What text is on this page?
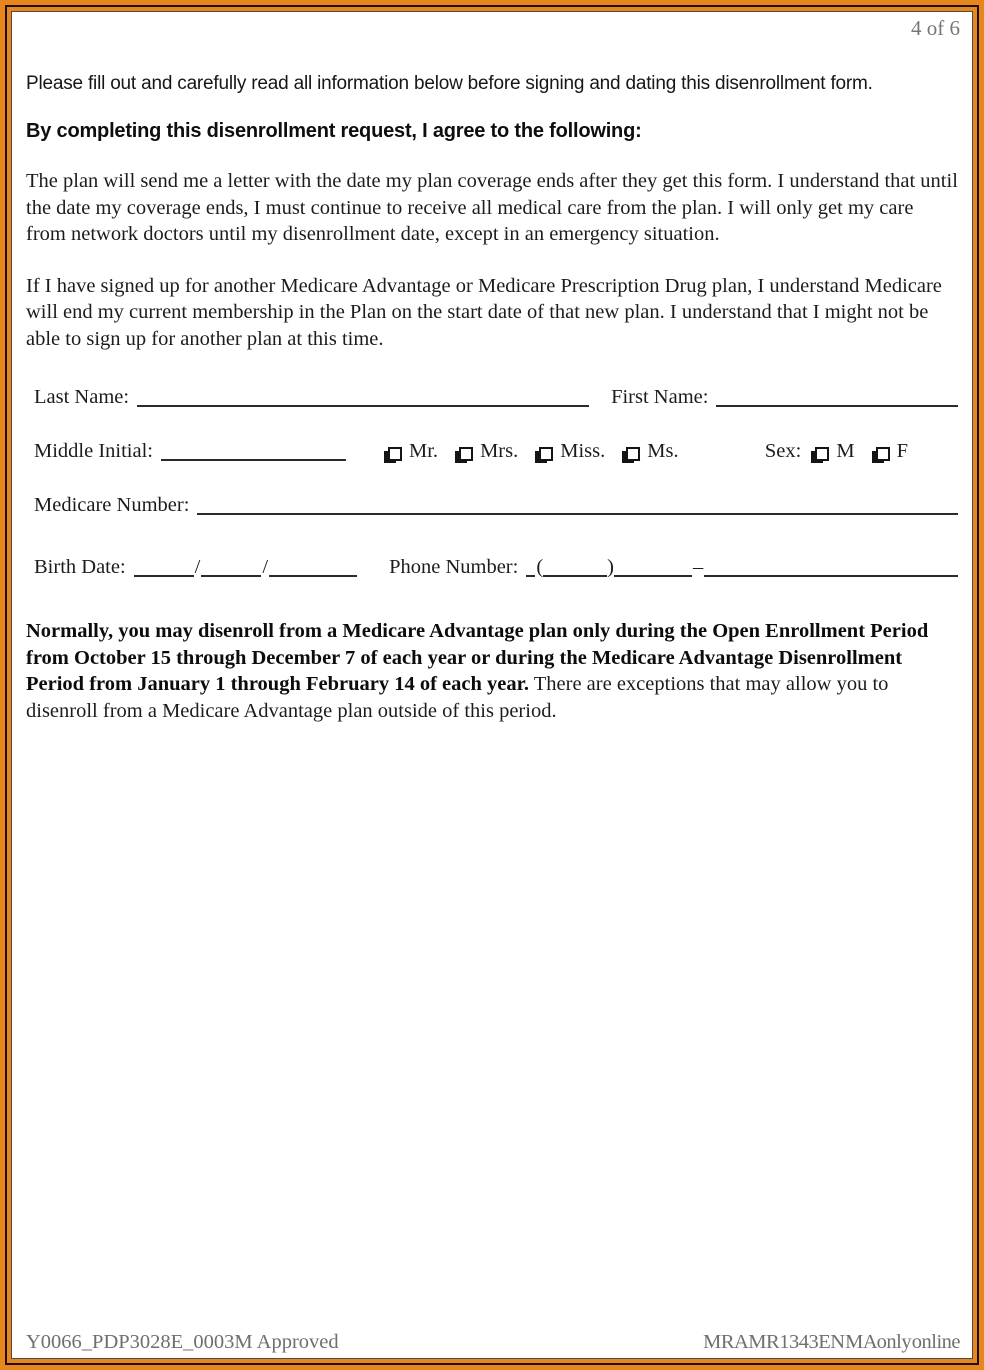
4 of 6
Please fill out and carefully read all information below before signing and dating this disenrollment form.
By completing this disenrollment request, I agree to the following:
The plan will send me a letter with the date my plan coverage ends after they get this form. I understand that until the date my coverage ends, I must continue to receive all medical care from the plan. I will only get my care from network doctors until my disenrollment date, except in an emergency situation.
If I have signed up for another Medicare Advantage or Medicare Prescription Drug plan, I understand Medicare will end my current membership in the Plan on the start date of that new plan. I understand that I might not be able to sign up for another plan at this time.
Last Name:	First Name:
Middle Initial:	Mr. Mrs. Miss. Ms.	Sex: M F
Medicare Number:
Birth Date:	/	/	Phone Number: (	)	–
Normally, you may disenroll from a Medicare Advantage plan only during the Open Enrollment Period from October 15 through December 7 of each year or during the Medicare Advantage Disenrollment Period from January 1 through February 14 of each year. There are exceptions that may allow you to disenroll from a Medicare Advantage plan outside of this period.
Y0066_PDP3028E_0003M Approved	MRAMR1343EN MA only online
